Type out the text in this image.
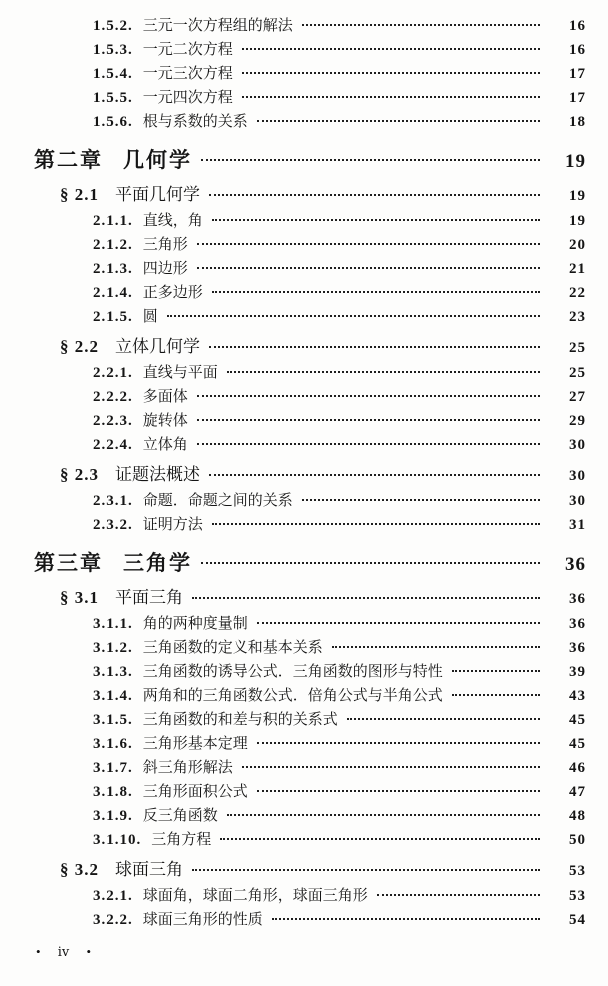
1.5.2. 三元一次方程组的解法	16
1.5.3. 一元二次方程	16
1.5.4. 一元三次方程	17
1.5.5. 一元四次方程	17
1.5.6. 根与系数的关系	18
第二章 几何学	19
§ 2.1 平面几何学	19
2.1.1. 直线，角	19
2.1.2. 三角形	20
2.1.3. 四边形	21
2.1.4. 正多边形	22
2.1.5. 圆	23
§ 2.2 立体几何学	25
2.2.1. 直线与平面	25
2.2.2. 多面体	27
2.2.3. 旋转体	29
2.2.4. 立体角	30
§ 2.3 证题法概述	30
2.3.1. 命题．命题之间的关系	30
2.3.2. 证明方法	31
第三章 三角学	36
§ 3.1 平面三角	36
3.1.1. 角的两种度量制	36
3.1.2. 三角函数的定义和基本关系	36
3.1.3. 三角函数的诱导公式．三角函数的图形与特性	39
3.1.4. 两角和的三角函数公式．倍角公式与半角公式	43
3.1.5. 三角函数的和差与积的关系式	45
3.1.6. 三角形基本定理	45
3.1.7. 斜三角形解法	46
3.1.8. 三角形面积公式	47
3.1.9. 反三角函数	48
3.1.10. 三角方程	50
§ 3.2 球面三角	53
3.2.1. 球面角，球面二角形，球面三角形	53
3.2.2. 球面三角形的性质	54
• ⅳ •
